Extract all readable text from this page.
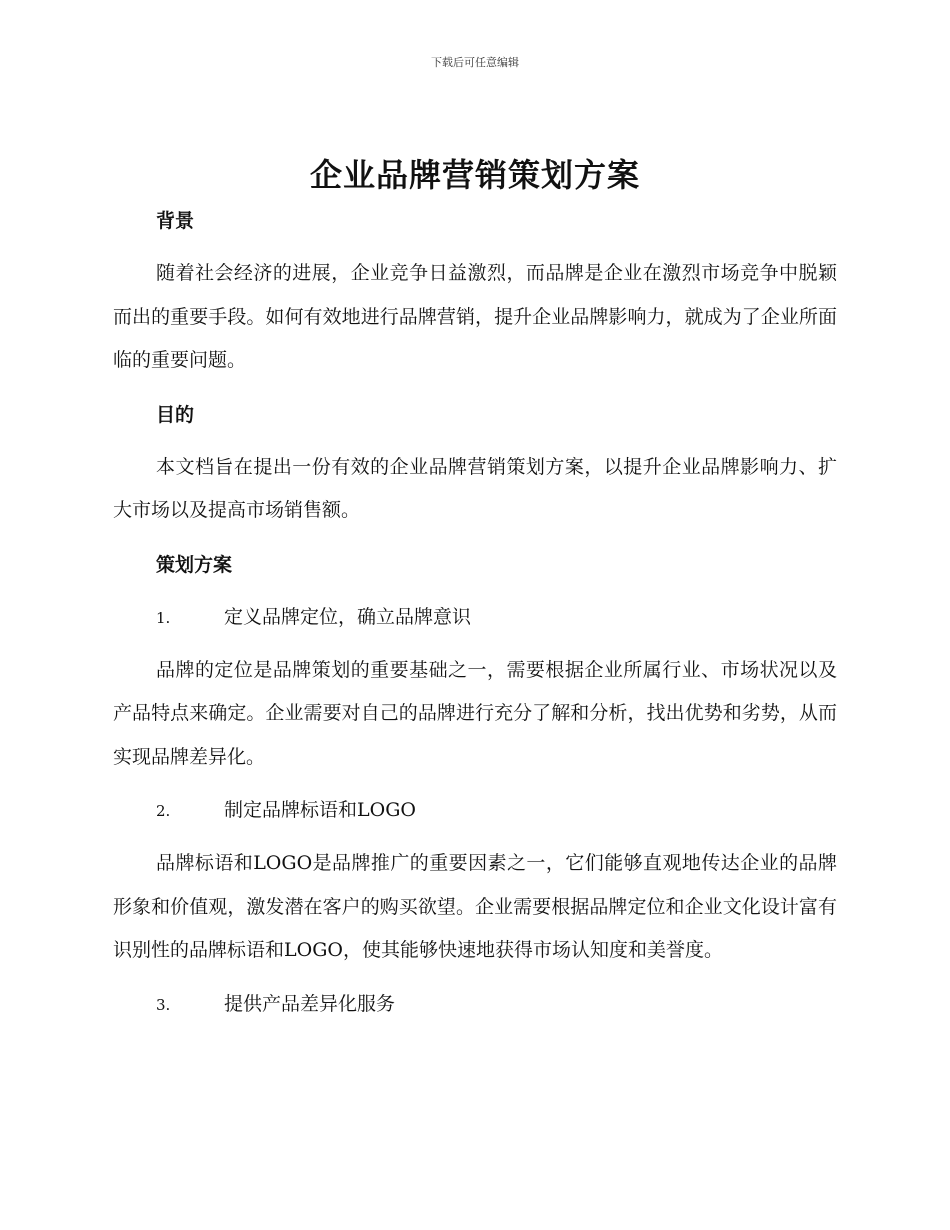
下载后可任意编辑
企业品牌营销策划方案

背景

随着社会经济的进展，企业竞争日益激烈，而品牌是企业在激烈市场竞争中脱颖而出的重要手段。如何有效地进行品牌营销，提升企业品牌影响力，就成为了企业所面临的重要问题。

目的

本文档旨在提出一份有效的企业品牌营销策划方案，以提升企业品牌影响力、扩大市场以及提高市场销售额。

策划方案

1.	定义品牌定位，确立品牌意识

品牌的定位是品牌策划的重要基础之一，需要根据企业所属行业、市场状况以及产品特点来确定。企业需要对自己的品牌进行充分了解和分析，找出优势和劣势，从而实现品牌差异化。

2.	制定品牌标语和LOGO

品牌标语和LOGO是品牌推广的重要因素之一，它们能够直观地传达企业的品牌形象和价值观，激发潜在客户的购买欲望。企业需要根据品牌定位和企业文化设计富有识别性的品牌标语和LOGO，使其能够快速地获得市场认知度和美誉度。

3.	提供产品差异化服务
